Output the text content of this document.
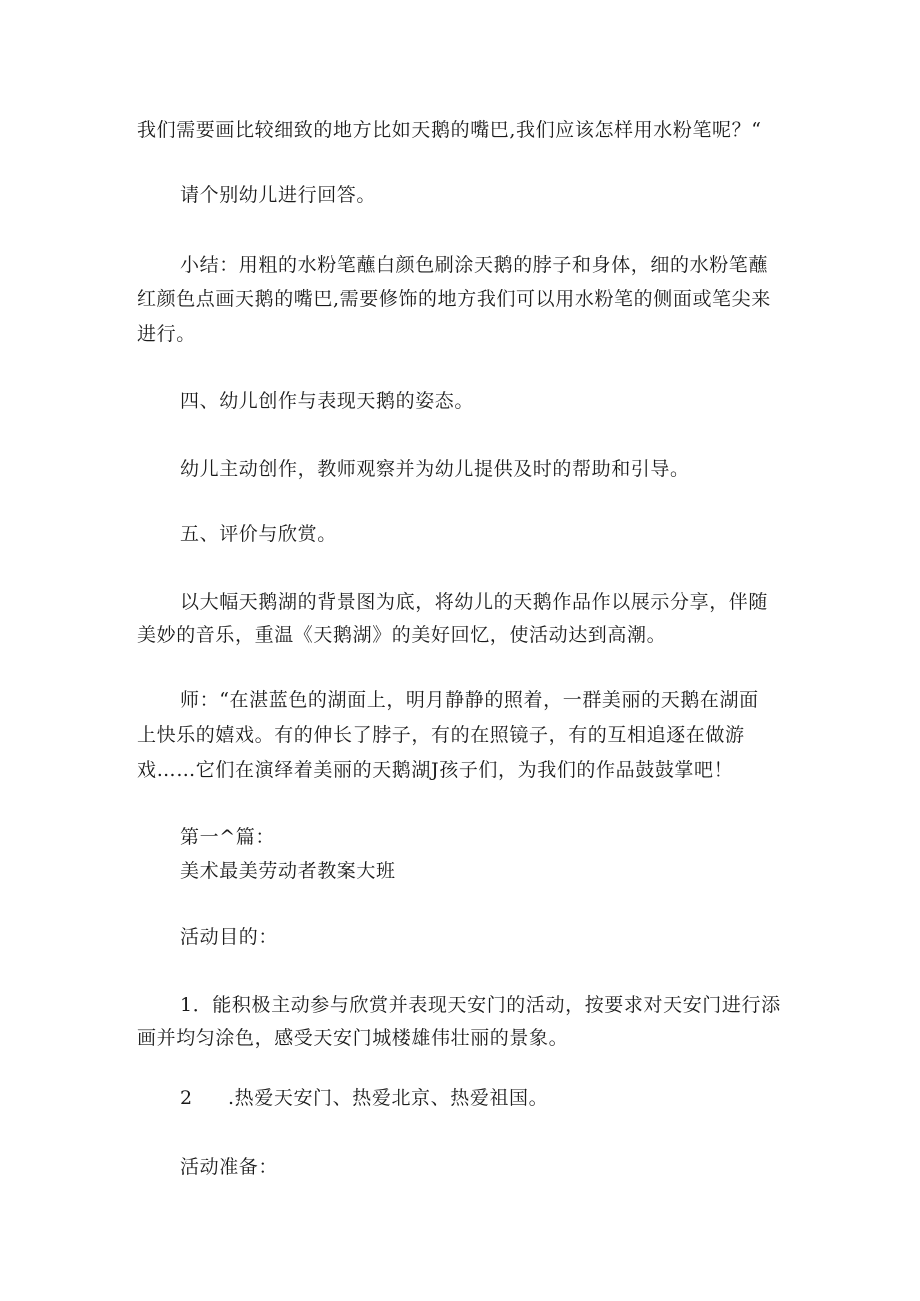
我们需要画比较细致的地方比如天鹅的嘴巴,我们应该怎样用水粉笔呢？“
请个别幼儿进行回答。
小结：用粗的水粉笔蘸白颜色刷涂天鹅的脖子和身体，细的水粉笔蘸
红颜色点画天鹅的嘴巴,需要修饰的地方我们可以用水粉笔的侧面或笔尖来
进行。
四、幼儿创作与表现天鹅的姿态。
幼儿主动创作，教师观察并为幼儿提供及时的帮助和引导。
五、评价与欣赏。
以大幅天鹅湖的背景图为底，将幼儿的天鹅作品作以展示分享，伴随
美妙的音乐，重温《天鹅湖》的美好回忆，使活动达到高潮。
师：“在湛蓝色的湖面上，明月静静的照着，一群美丽的天鹅在湖面
上快乐的嬉戏。有的伸长了脖子，有的在照镜子，有的互相追逐在做游
戏……它们在演绎着美丽的天鹅湖J孩子们，为我们的作品鼓鼓掌吧！
第一^篇：
美术最美劳动者教案大班
活动目的：
1．能积极主动参与欣赏并表现天安门的活动，按要求对天安门进行添
画并均匀涂色，感受天安门城楼雄伟壮丽的景象。
2 .热爱天安门、热爱北京、热爱祖国。
活动准备：
